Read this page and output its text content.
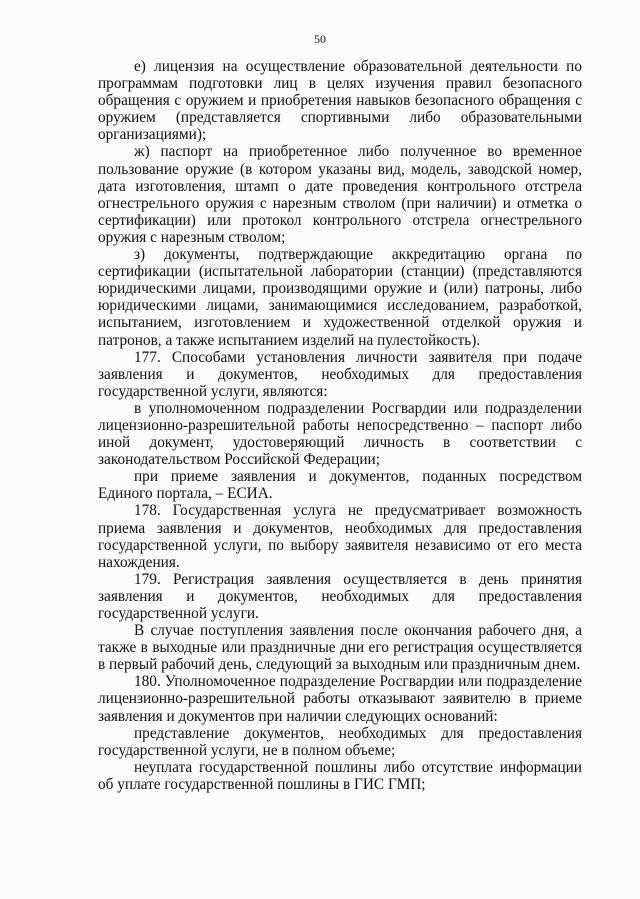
50

е) лицензия на осуществление образовательной деятельности по программам подготовки лиц в целях изучения правил безопасного обращения с оружием и приобретения навыков безопасного обращения с оружием (представляется спортивными либо образовательными организациями);

ж) паспорт на приобретенное либо полученное во временное пользование оружие (в котором указаны вид, модель, заводской номер, дата изготовления, штамп о дате проведения контрольного отстрела огнестрельного оружия с нарезным стволом (при наличии) и отметка о сертификации) или протокол контрольного отстрела огнестрельного оружия с нарезным стволом;

з) документы, подтверждающие аккредитацию органа по сертификации (испытательной лаборатории (станции) (представляются юридическими лицами, производящими оружие и (или) патроны, либо юридическими лицами, занимающимися исследованием, разработкой, испытанием, изготовлением и художественной отделкой оружия и патронов, а также испытанием изделий на пулестойкость).

177. Способами установления личности заявителя при подаче заявления и документов, необходимых для предоставления государственной услуги, являются:

в уполномоченном подразделении Росгвардии или подразделении лицензионно-разрешительной работы непосредственно – паспорт либо иной документ, удостоверяющий личность в соответствии с законодательством Российской Федерации;

при приеме заявления и документов, поданных посредством Единого портала, – ЕСИА.

178. Государственная услуга не предусматривает возможность приема заявления и документов, необходимых для предоставления государственной услуги, по выбору заявителя независимо от его места нахождения.

179. Регистрация заявления осуществляется в день принятия заявления и документов, необходимых для предоставления государственной услуги.

В случае поступления заявления после окончания рабочего дня, а также в выходные или праздничные дни его регистрация осуществляется в первый рабочий день, следующий за выходным или праздничным днем.

180. Уполномоченное подразделение Росгвардии или подразделение лицензионно-разрешительной работы отказывают заявителю в приеме заявления и документов при наличии следующих оснований:

представление документов, необходимых для предоставления государственной услуги, не в полном объеме;

неуплата государственной пошлины либо отсутствие информации об уплате государственной пошлины в ГИС ГМП;
